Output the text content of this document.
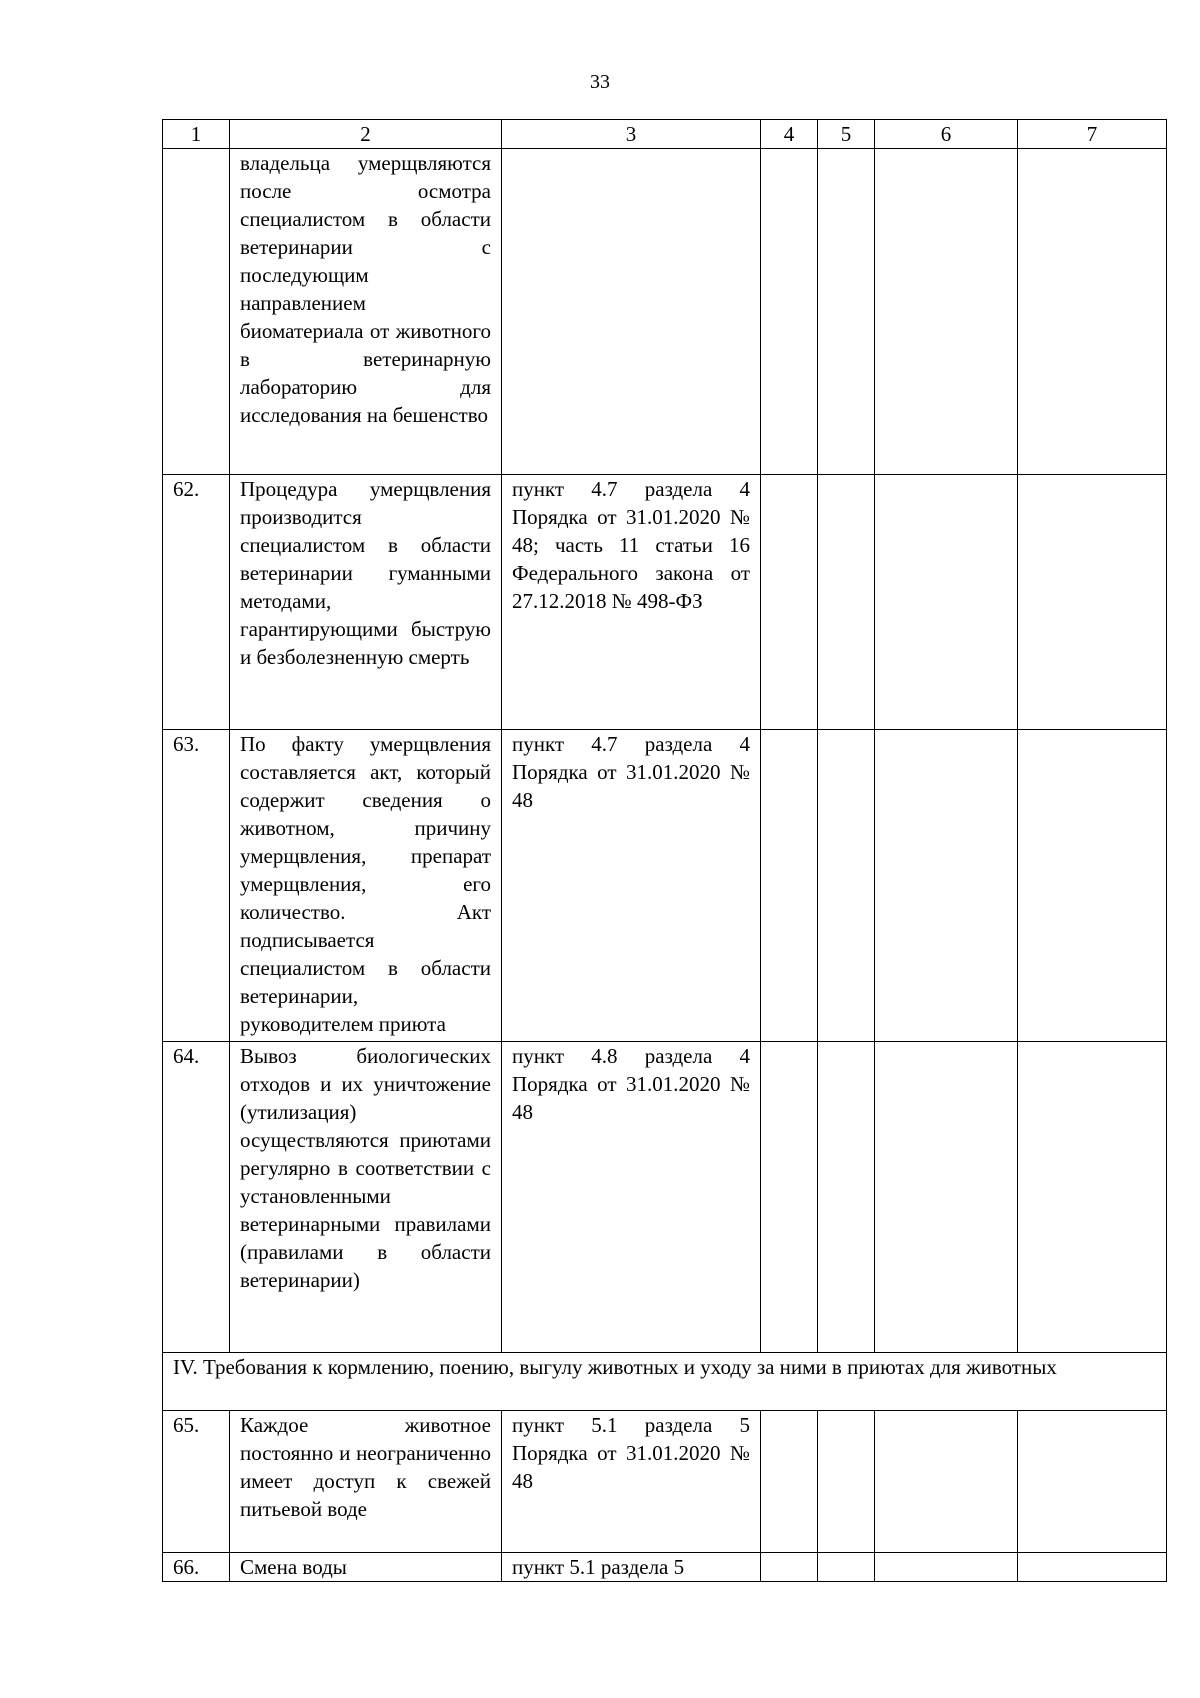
33
1	2	3	4	5	6	7
	владельца умерщвляются после осмотра специалистом в области ветеринарии с последующим направлением биоматериала от животного в ветеринарную лабораторию для исследования на бешенство					
62.	Процедура умерщвления производится специалистом в области ветеринарии гуманными методами, гарантирующими быструю и безболезненную смерть	пункт 4.7 раздела 4 Порядка от 31.01.2020 № 48; часть 11 статьи 16 Федерального закона от 27.12.2018 № 498-ФЗ				
63.	По факту умерщвления составляется акт, который содержит сведения о животном, причину умерщвления, препарат умерщвления, его количество. Акт подписывается специалистом в области ветеринарии, руководителем приюта	пункт 4.7 раздела 4 Порядка от 31.01.2020 № 48				
64.	Вывоз биологических отходов и их уничтожение (утилизация) осуществляются приютами регулярно в соответствии с установленными ветеринарными правилами (правилами в области ветеринарии)	пункт 4.8 раздела 4 Порядка от 31.01.2020 № 48				
IV. Требования к кормлению, поению, выгулу животных и уходу за ними в приютах для животных						
65.	Каждое животное постоянно и неограниченно имеет доступ к свежей питьевой воде	пункт 5.1 раздела 5 Порядка от 31.01.2020 № 48				
66.	Смена воды	пункт 5.1 раздела 5				
